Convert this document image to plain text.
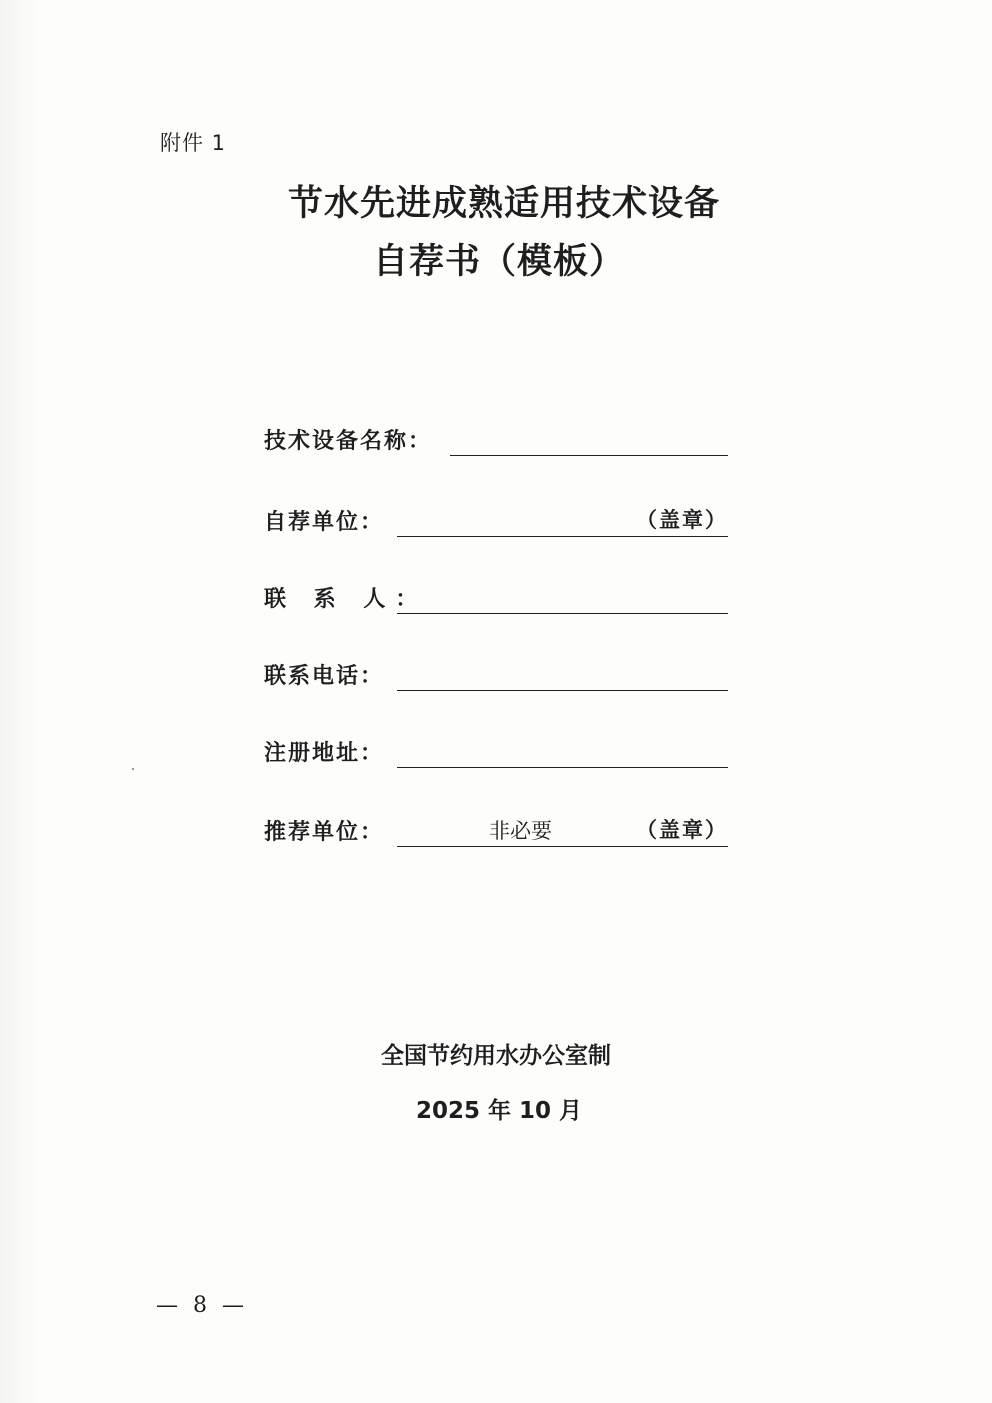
附件 1
节水先进成熟适用技术设备
自荐书（模板）
技术设备名称：
自荐单位：	（盖章）
联 系 人：
联系电话：
注册地址：
推荐单位：	非必要	（盖章）
全国节约用水办公室制
2025 年 10 月
— 8 —
